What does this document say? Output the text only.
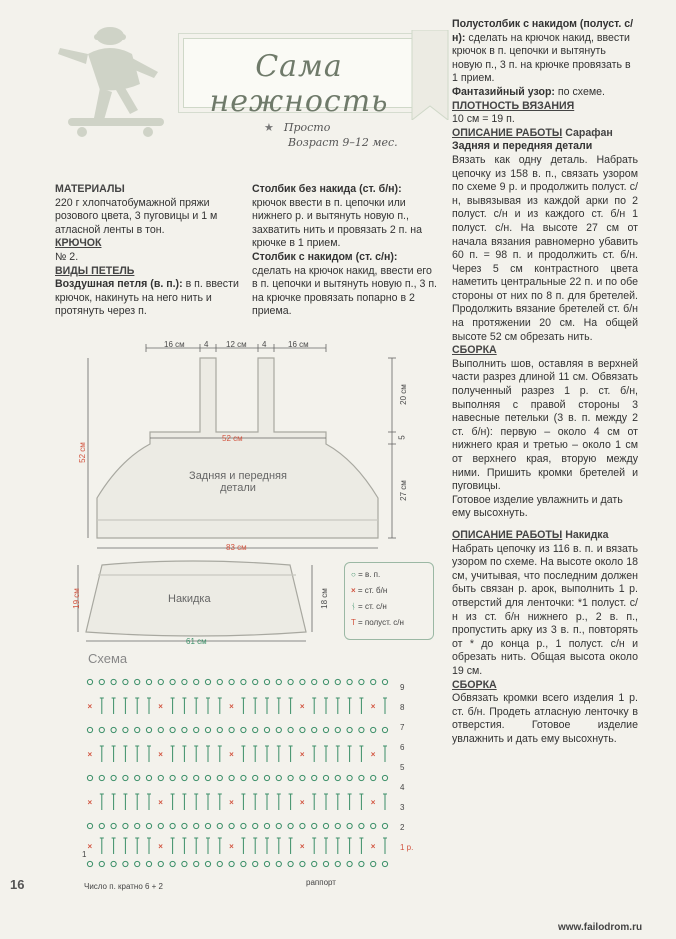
Сама нежность
★ Просто
Возраст 9–12 мес.

МАТЕРИАЛЫ

220 г хлопчатобумажной пряжи розового цвета, 3 пуговицы и 1 м атласной ленты в тон.

КРЮЧОК

№ 2.

ВИДЫ ПЕТЕЛЬ

Воздушная петля (в. п.): в п. ввести крючок, накинуть на него нить и протянуть через п.

Столбик без накида (ст. б/н): крючок ввести в п. цепочки или нижнего р. и вытянуть новую п., захватить нить и провязать 2 п. на крючке в 1 прием.

Столбик с накидом (ст. с/н): сделать на крючок накид, ввести его в п. цепочки и вытянуть новую п., 3 п. на крючке провязать попарно в 2 приема.

Полустолбик с накидом (полуст. с/н): сделать на крючок накид, ввести крючок в п. цепочки и вытянуть новую п., 3 п. на крючке провязать в 1 прием.

Фантазийный узор: по схеме.

ПЛОТНОСТЬ ВЯЗАНИЯ

10 см = 19 п.

ОПИСАНИЕ РАБОТЫ Сарафан

Задняя и передняя детали

Вязать как одну деталь. Набрать цепочку из 158 в. п., связать узором по схеме 9 р. и продолжить полуст. с/н, вывязывая из каждой арки по 2 полуст. с/н и из каждого ст. б/н 1 полуст. с/н. На высоте 27 см от начала вязания равномерно убавить 60 п. = 98 п. и продолжить ст. б/н. Через 5 см контрастного цвета наметить центральные 22 п. и по обе стороны от них по 8 п. для бретелей. Продолжить вязание бретелей ст. б/н на протяжении 20 см. На общей высоте 52 см обрезать нить.

СБОРКА

Выполнить шов, оставляя в верхней части разрез длиной 11 см. Обвязать полученный разрез 1 р. ст. б/н, выполняя с правой стороны 3 навесные петельки (3 в. п. между 2 ст. б/н): первую – около 4 см от нижнего края и третью – около 1 см от верхнего края, вторую между ними. Пришить кромки бретелей и пуговицы.

Готовое изделие увлажнить и дать ему высохнуть.

ОПИСАНИЕ РАБОТЫ Накидка

Набрать цепочку из 116 в. п. и вязать узором по схеме. На высоте около 18 см, учитывая, что последним должен быть связан р. арок, выполнить 1 р. отверстий для ленточки: *1 полуст. с/н из ст. б/н нижнего р., 2 в. п., пропустить арку из 3 в. п., повторять от * до конца р., 1 полуст. с/н и обрезать нить. Общая высота около 19 см.

СБОРКА

Обвязать кромки всего изделия 1 р. ст. б/н. Продеть атласную ленточку в отверстия. Готовое изделие увлажнить и дать ему высохнуть.

16 см 4 12 см 4	16 см
52 см
Задняя и передняя
детали
83 см
52 см
20 см
5
27 см
Накидка
19 см	18 см
61 см
○ = в. п.
× = ст. б/н
ᚾ = ст. с/н
T = полуст. с/н
Схема
×	×	×	×	×
×	×	×	×	×
×	×	×	×	×
×	×	×	×	×
9
8
7
6
5
4
3
2
1 р.
1
раппорт
Число п. кратно 6 + 2
16
www.failodrom.ru
